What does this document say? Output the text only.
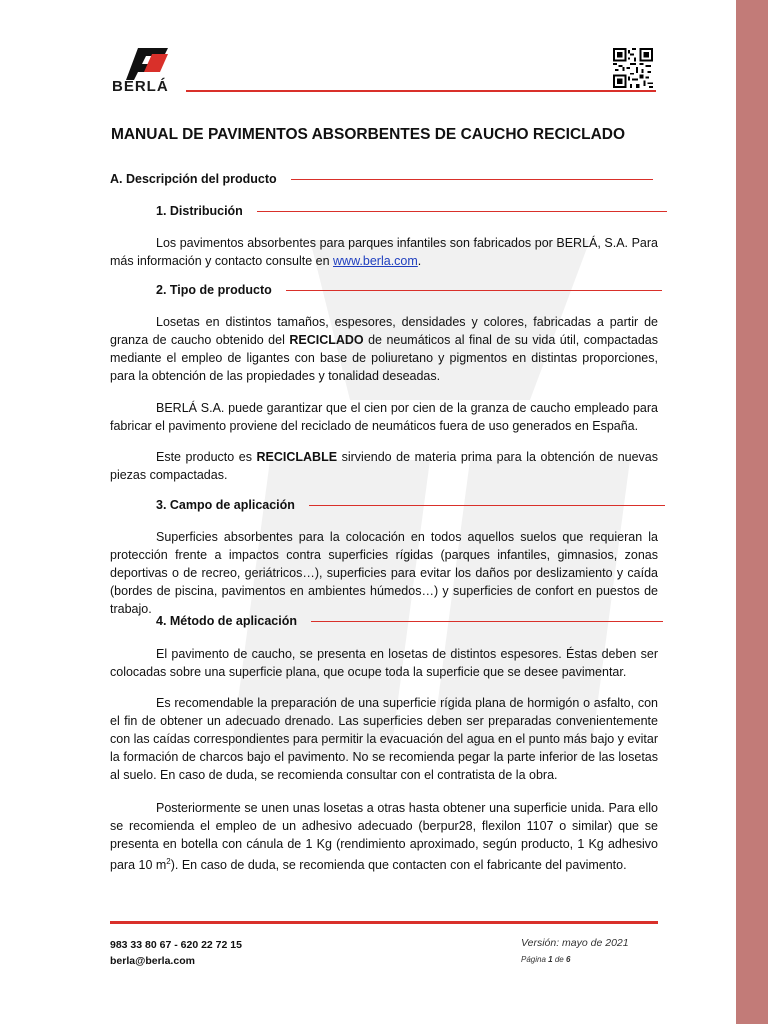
BERLÁ
MANUAL DE PAVIMENTOS ABSORBENTES DE CAUCHO RECICLADO
A. Descripción del producto
1. Distribución
Los pavimentos absorbentes para parques infantiles son fabricados por BERLÁ, S.A. Para más información y contacto consulte en www.berla.com.
2. Tipo de producto
Losetas en distintos tamaños, espesores, densidades y colores, fabricadas a partir de granza de caucho obtenido del RECICLADO de neumáticos al final de su vida útil, compactadas mediante el empleo de ligantes con base de poliuretano y pigmentos en distintas proporciones, para la obtención de las propiedades y tonalidad deseadas.
BERLÁ S.A. puede garantizar que el cien por cien de la granza de caucho empleado para fabricar el pavimento proviene del reciclado de neumáticos fuera de uso generados en España.
Este producto es RECICLABLE sirviendo de materia prima para la obtención de nuevas piezas compactadas.
3. Campo de aplicación
Superficies absorbentes para la colocación en todos aquellos suelos que requieran la protección frente a impactos contra superficies rígidas (parques infantiles, gimnasios, zonas deportivas o de recreo, geriátricos…), superficies para evitar los daños por deslizamiento y caída (bordes de piscina, pavimentos en ambientes húmedos…) y superficies de confort en puestos de trabajo.
4. Método de aplicación
El pavimento de caucho, se presenta en losetas de distintos espesores. Éstas deben ser colocadas sobre una superficie plana, que ocupe toda la superficie que se desee pavimentar.
Es recomendable la preparación de una superficie rígida plana de hormigón o asfalto, con el fin de obtener un adecuado drenado. Las superficies deben ser preparadas convenientemente con las caídas correspondientes para permitir la evacuación del agua en el punto más bajo y evitar la formación de charcos bajo el pavimento. No se recomienda pegar la parte inferior de las losetas al suelo. En caso de duda, se recomienda consultar con el contratista de la obra.
Posteriormente se unen unas losetas a otras hasta obtener una superficie unida. Para ello se recomienda el empleo de un adhesivo adecuado (berpur28, flexilon 1107 o similar) que se presenta en botella con cánula de 1 Kg (rendimiento aproximado, según producto, 1 Kg adhesivo para 10 $m^2$). En caso de duda, se recomienda que contacten con el fabricante del pavimento.
983 33 80 67 - 620 22 72 15
berla@berla.com
Versión: mayo de 2021
Página 1 de 6
